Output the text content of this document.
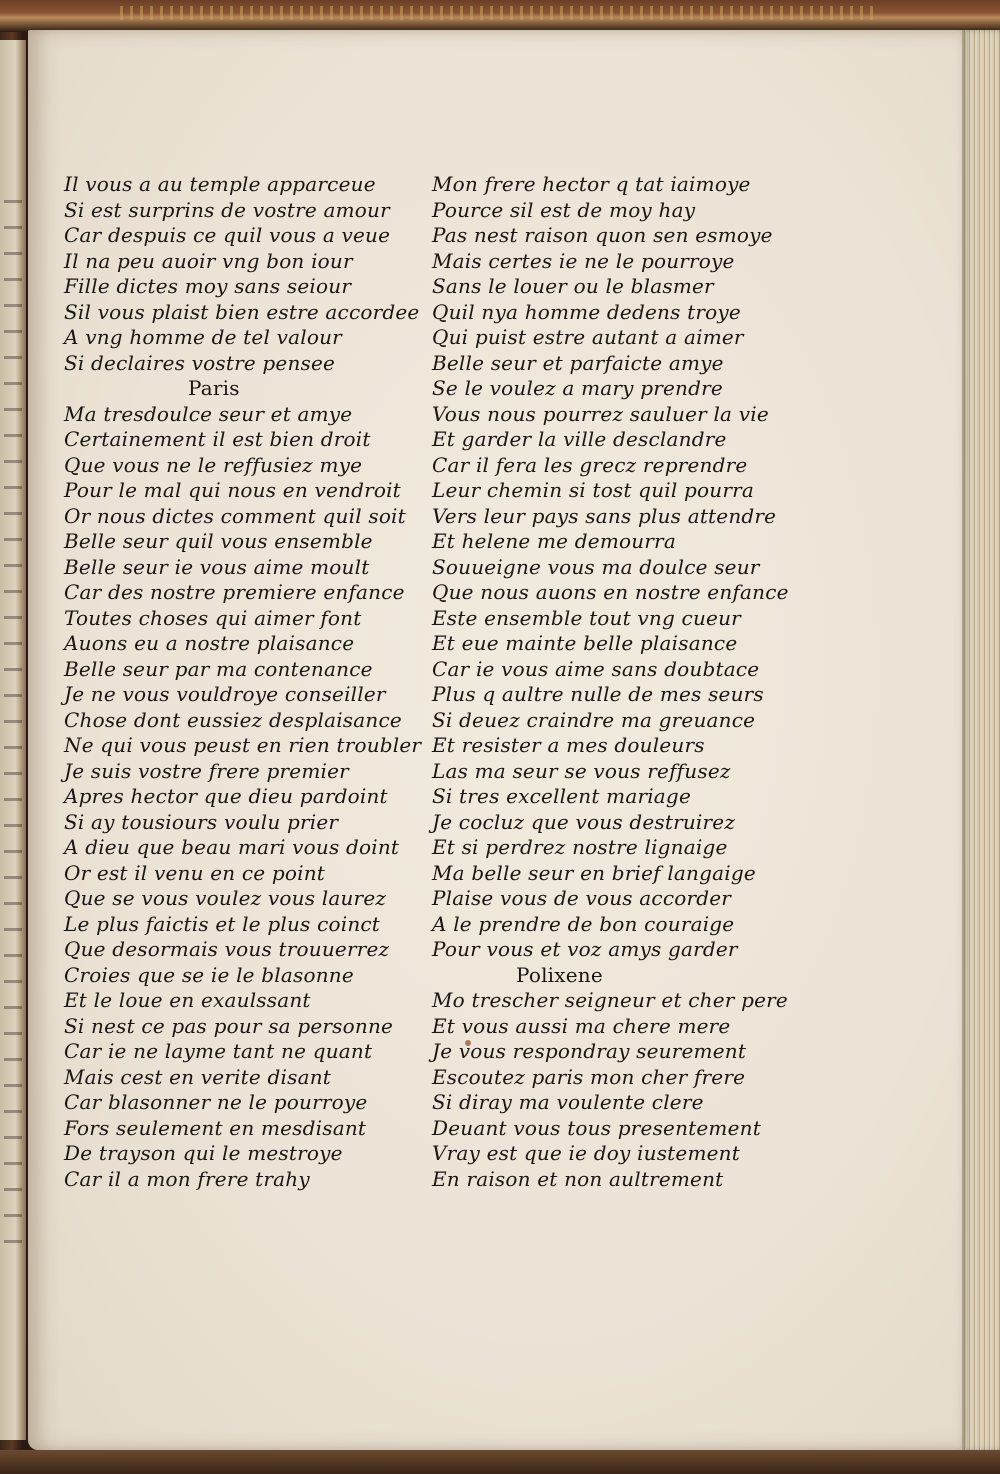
Il vous a au temple apparceue
Si est surprins de vostre amour
Car despuis ce quil vous a veue
Il na peu auoir vng bon iour
Fille dictes moy sans seiour
Sil vous plaist bien estre accordee
A vng homme de tel valour
Si declaires vostre pensee
Paris
Ma tresdoulce seur et amye
Certainement il est bien droit
Que vous ne le reffusiez mye
Pour le mal qui nous en vendroit
Or nous dictes comment quil soit
Belle seur quil vous ensemble
Belle seur ie vous aime moult
Car des nostre premiere enfance
Toutes choses qui aimer font
Auons eu a nostre plaisance
Belle seur par ma contenance
Je ne vous vouldroye conseiller
Chose dont eussiez desplaisance
Ne qui vous peust en rien troubler
Je suis vostre frere premier
Apres hector que dieu pardoint
Si ay tousiours voulu prier
A dieu que beau mari vous doint
Or est il venu en ce point
Que se vous voulez vous laurez
Le plus faictis et le plus coinct
Que desormais vous trouuerrez
Croies que se ie le blasonne
Et le loue en exaulssant
Si nest ce pas pour sa personne
Car ie ne layme tant ne quant
Mais cest en verite disant
Car blasonner ne le pourroye
Fors seulement en mesdisant
De trayson qui le mestroye
Car il a mon frere trahy
Mon frere hector q tat iaimoye
Pource sil est de moy hay
Pas nest raison quon sen esmoye
Mais certes ie ne le pourroye
Sans le louer ou le blasmer
Quil nya homme dedens troye
Qui puist estre autant a aimer
Belle seur et parfaicte amye
Se le voulez a mary prendre
Vous nous pourrez sauluer la vie
Et garder la ville desclandre
Car il fera les grecz reprendre
Leur chemin si tost quil pourra
Vers leur pays sans plus attendre
Et helene me demourra
Souueigne vous ma doulce seur
Que nous auons en nostre enfance
Este ensemble tout vng cueur
Et eue mainte belle plaisance
Car ie vous aime sans doubtace
Plus q aultre nulle de mes seurs
Si deuez craindre ma greuance
Et resister a mes douleurs
Las ma seur se vous reffusez
Si tres excellent mariage
Je cocluz que vous destruirez
Et si perdrez nostre lignaige
Ma belle seur en brief langaige
Plaise vous de vous accorder
A le prendre de bon couraige
Pour vous et voz amys garder
Polixene
Mo trescher seigneur et cher pere
Et vous aussi ma chere mere
Je vous respondray seurement
Escoutez paris mon cher frere
Si diray ma voulente clere
Deuant vous tous presentement
Vray est que ie doy iustement
En raison et non aultrement
